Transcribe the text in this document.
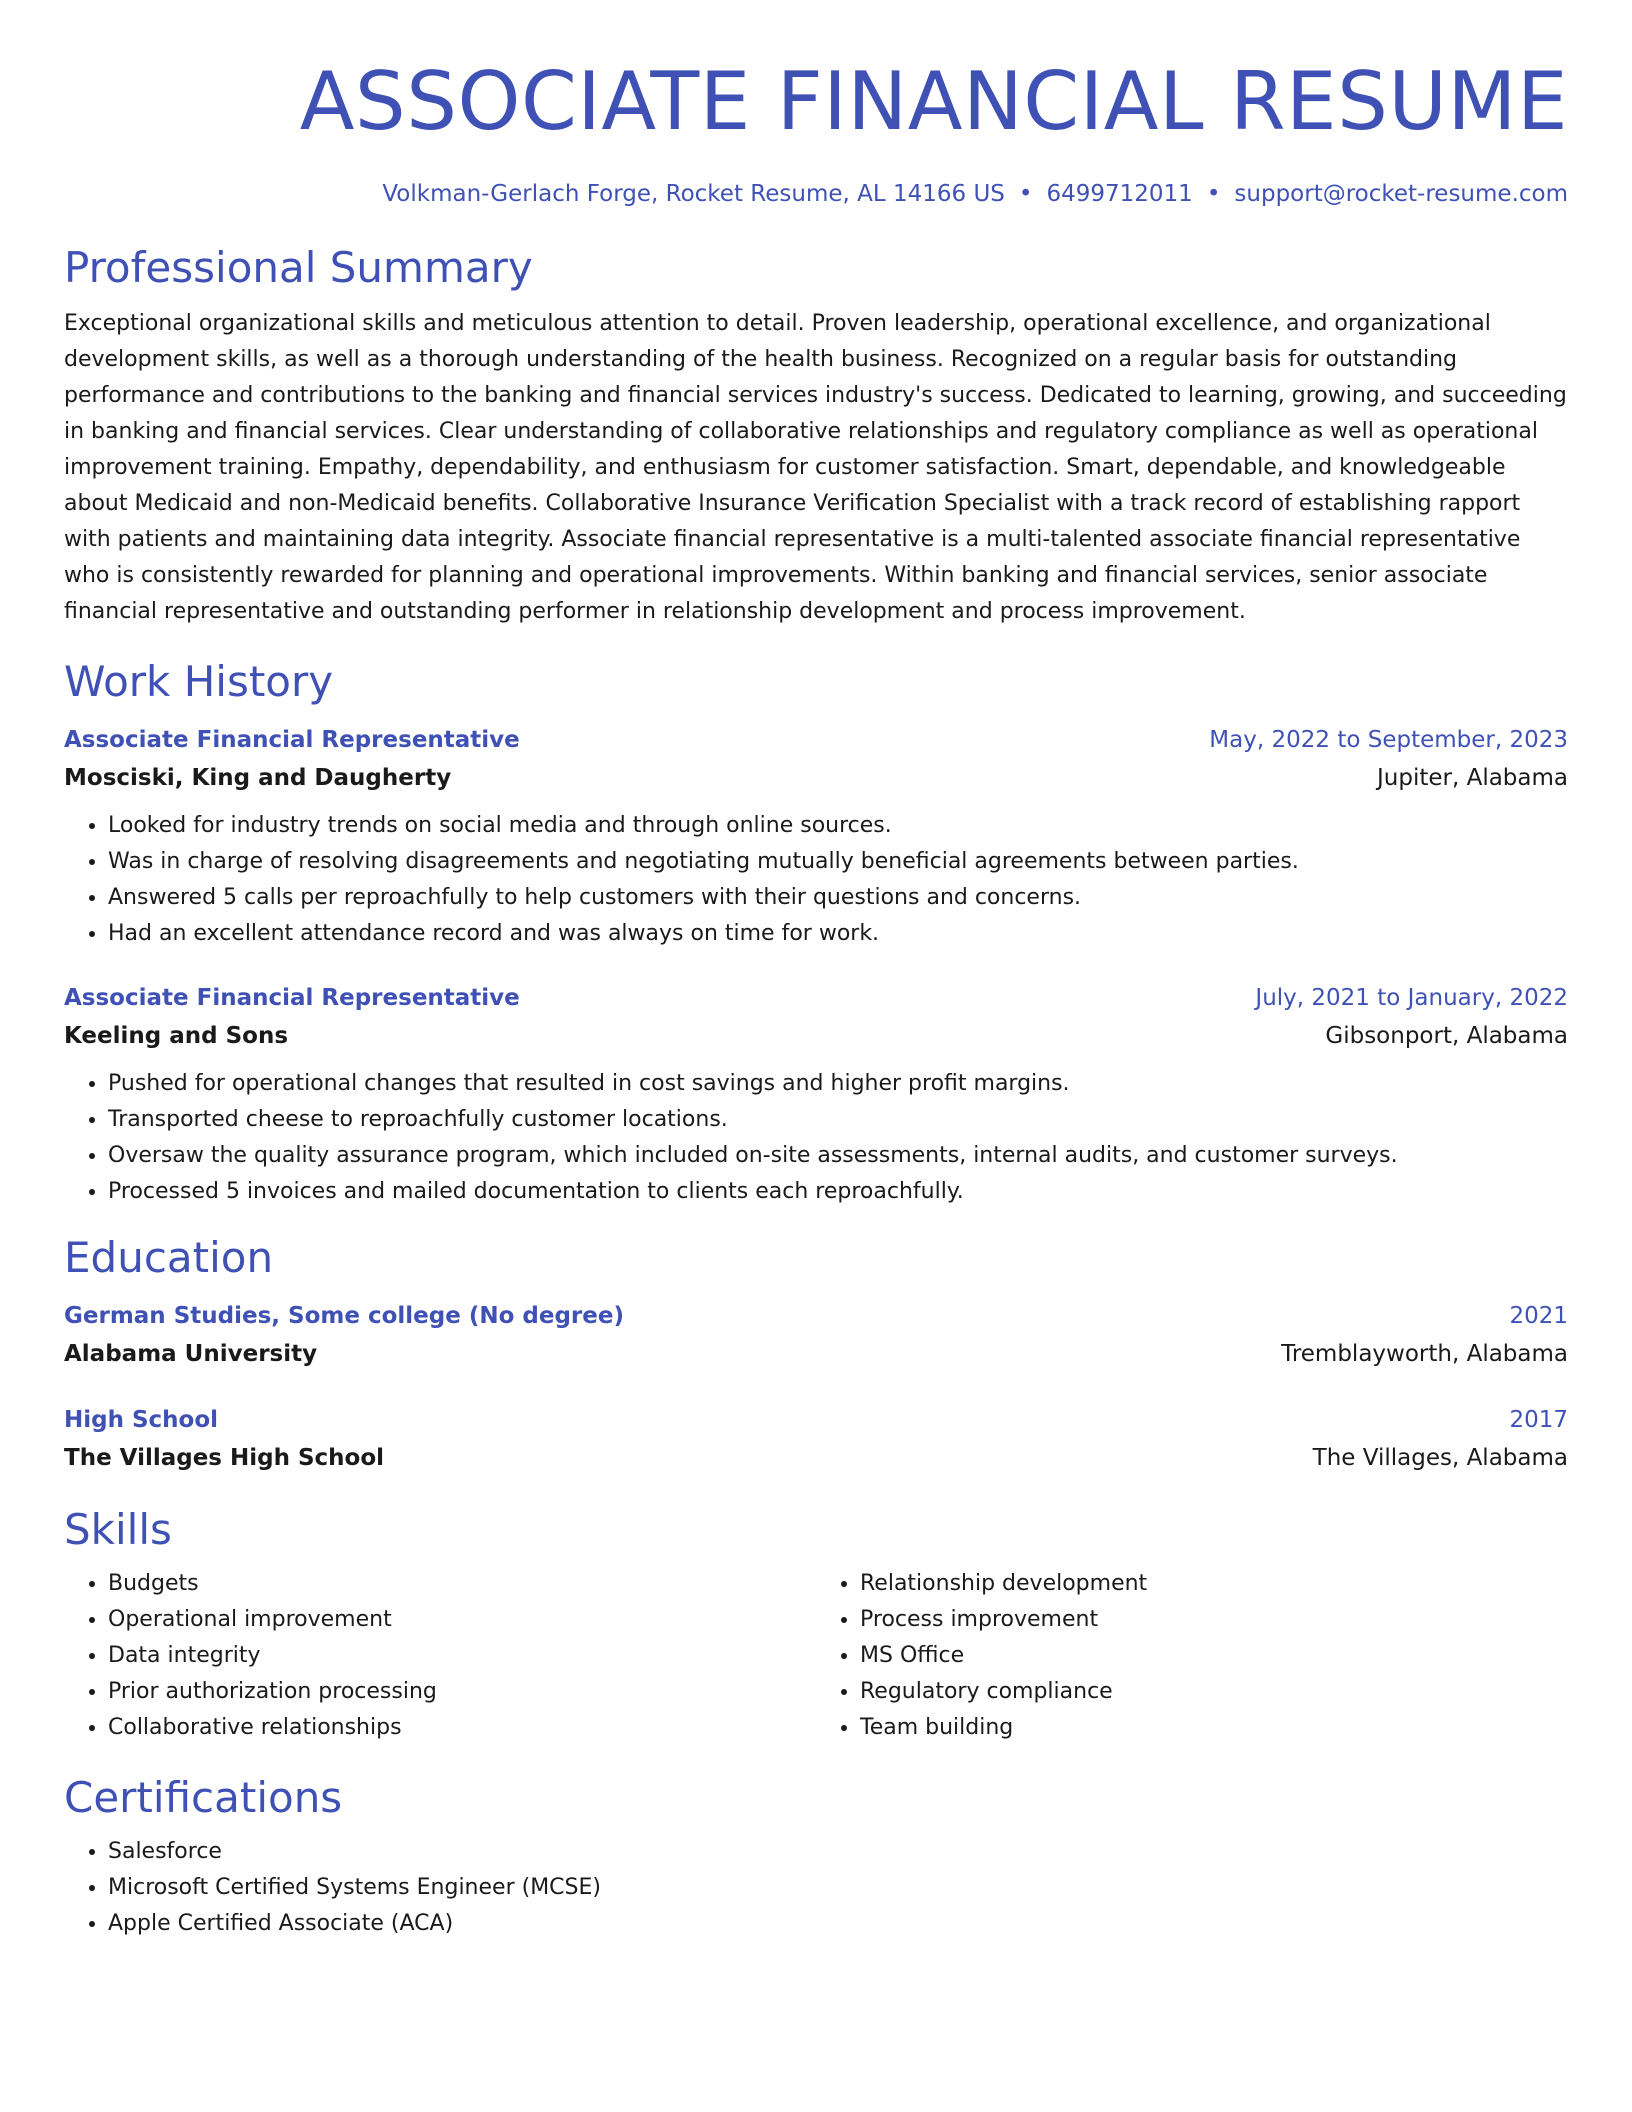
ASSOCIATE FINANCIAL RESUME
Volkman-Gerlach Forge, Rocket Resume, AL 14166 US • 6499712011 • support@rocket-resume.com
Professional Summary
Exceptional organizational skills and meticulous attention to detail. Proven leadership, operational excellence, and organizational development skills, as well as a thorough understanding of the health business. Recognized on a regular basis for outstanding performance and contributions to the banking and financial services industry's success. Dedicated to learning, growing, and succeeding in banking and financial services. Clear understanding of collaborative relationships and regulatory compliance as well as operational improvement training. Empathy, dependability, and enthusiasm for customer satisfaction. Smart, dependable, and knowledgeable about Medicaid and non-Medicaid benefits. Collaborative Insurance Verification Specialist with a track record of establishing rapport with patients and maintaining data integrity. Associate financial representative is a multi-talented associate financial representative who is consistently rewarded for planning and operational improvements. Within banking and financial services, senior associate financial representative and outstanding performer in relationship development and process improvement.
Work History
Associate Financial Representative	May, 2022 to September, 2023
Mosciski, King and Daugherty	Jupiter, Alabama
• Looked for industry trends on social media and through online sources.
• Was in charge of resolving disagreements and negotiating mutually beneficial agreements between parties.
• Answered 5 calls per reproachfully to help customers with their questions and concerns.
• Had an excellent attendance record and was always on time for work.
Associate Financial Representative	July, 2021 to January, 2022
Keeling and Sons	Gibsonport, Alabama
• Pushed for operational changes that resulted in cost savings and higher profit margins.
• Transported cheese to reproachfully customer locations.
• Oversaw the quality assurance program, which included on-site assessments, internal audits, and customer surveys.
• Processed 5 invoices and mailed documentation to clients each reproachfully.
Education
German Studies, Some college (No degree)	2021
Alabama University	Tremblayworth, Alabama
High School	2017
The Villages High School	The Villages, Alabama
Skills
• Budgets
• Operational improvement
• Data integrity
• Prior authorization processing
• Collaborative relationships
• Relationship development
• Process improvement
• MS Office
• Regulatory compliance
• Team building
Certifications
• Salesforce
• Microsoft Certified Systems Engineer (MCSE)
• Apple Certified Associate (ACA)
